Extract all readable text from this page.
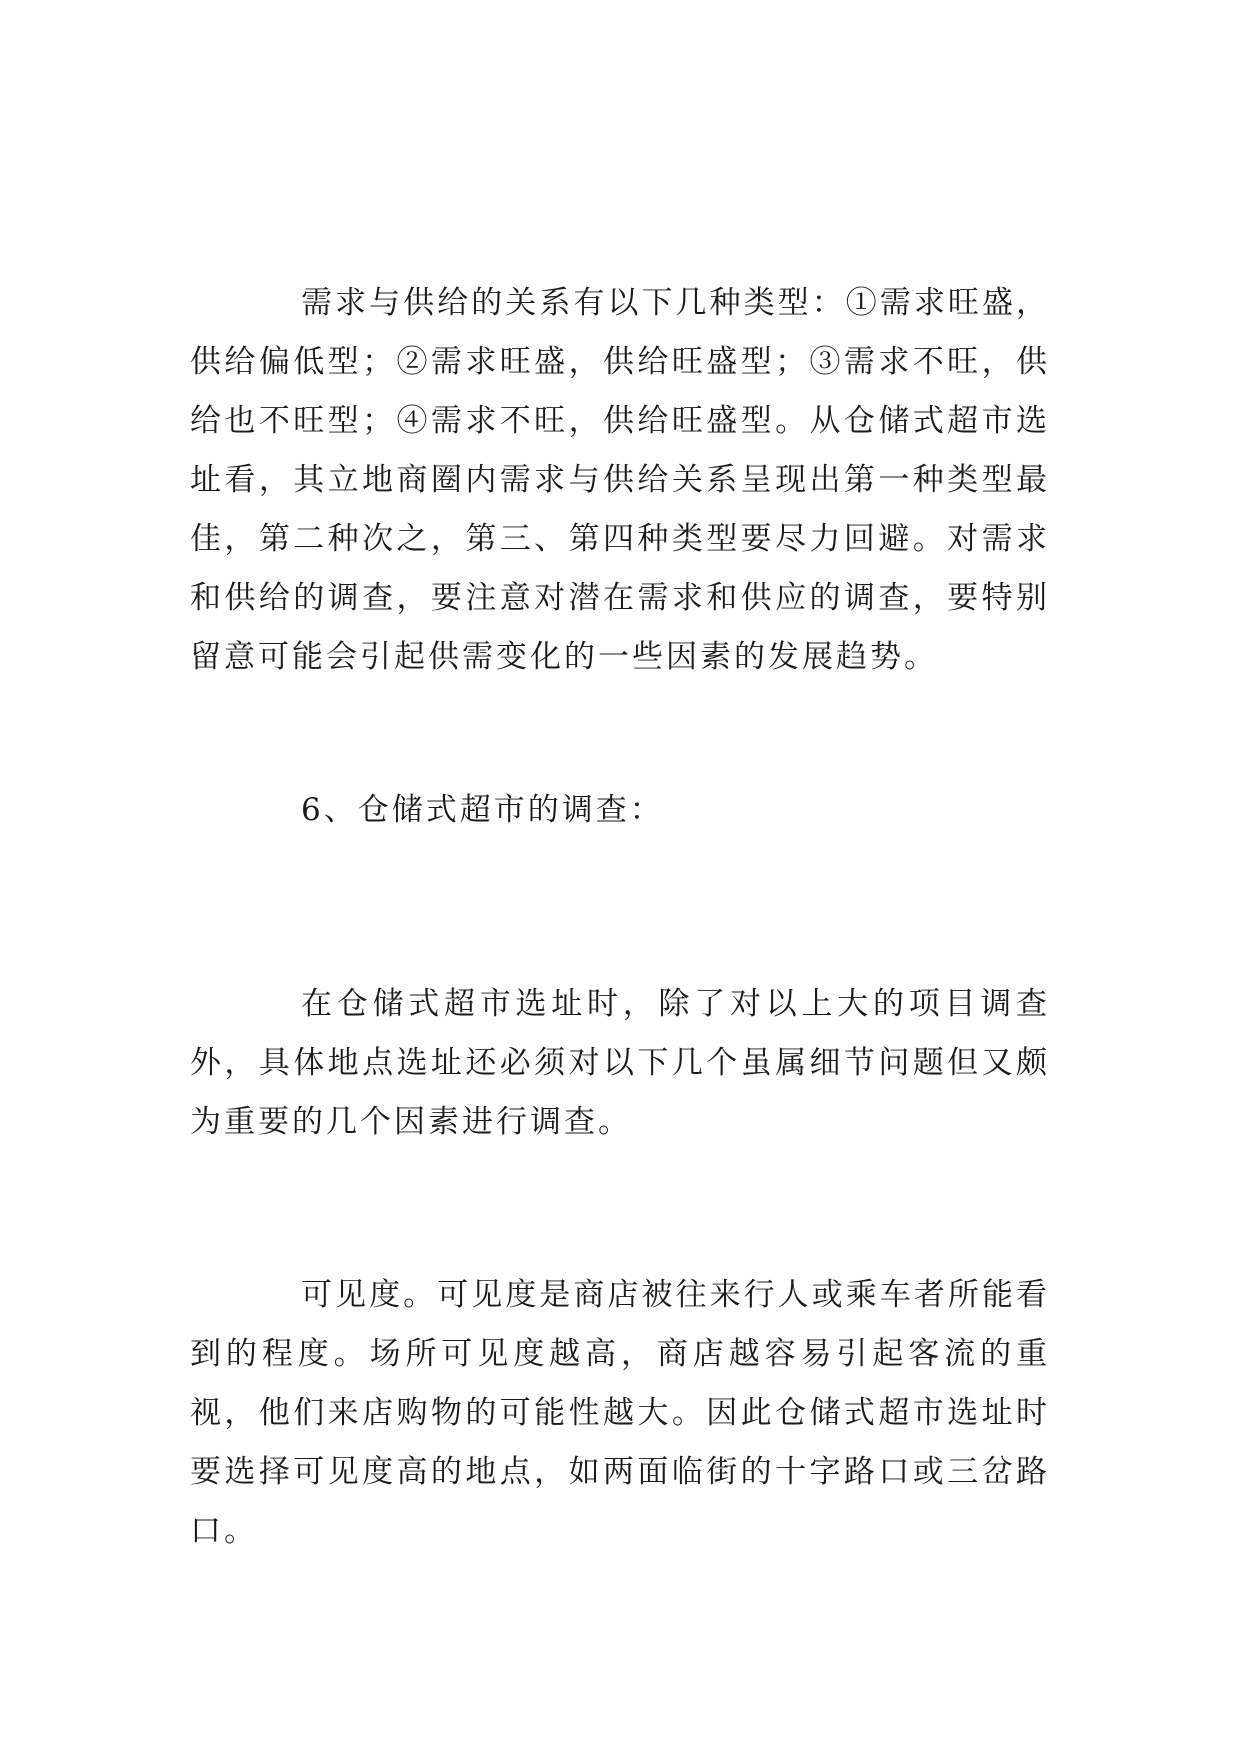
需求与供给的关系有以下几种类型：①需求旺盛，供给偏低型；②需求旺盛，供给旺盛型；③需求不旺，供给也不旺型；④需求不旺，供给旺盛型。从仓储式超市选址看，其立地商圈内需求与供给关系呈现出第一种类型最佳，第二种次之，第三、第四种类型要尽力回避。对需求和供给的调查，要注意对潜在需求和供应的调查，要特别留意可能会引起供需变化的一些因素的发展趋势。

6、仓储式超市的调查：

在仓储式超市选址时，除了对以上大的项目调查外，具体地点选址还必须对以下几个虽属细节问题但又颇为重要的几个因素进行调查。

可见度。可见度是商店被往来行人或乘车者所能看到的程度。场所可见度越高，商店越容易引起客流的重视，他们来店购物的可能性越大。因此仓储式超市选址时要选择可见度高的地点，如两面临街的十字路口或三岔路口。
